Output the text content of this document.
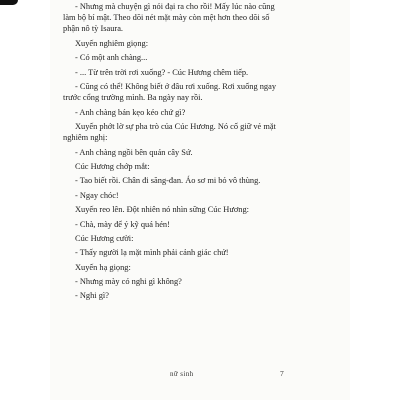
- Nhưng mà chuyện gì nói đại ra cho rồi! Mấy lúc nào cũng làm bộ bí mật. Theo dõi nét mặt mày còn mệt hơn theo dõi số phận nô tỳ Isaura.

Xuyến nghiêm giọng:

- Có một anh chàng...

- ... Từ trên trời rơi xuống? - Cúc Hương chêm tiếp.

- Cũng có thể! Không biết ở đâu rơi xuống. Rơi xuống ngay trước cổng trường mình. Ba ngày nay rồi.

- Anh chàng bán kẹo kéo chứ gì?

Xuyến phớt lờ sự pha trò của Cúc Hương. Nó cố giữ vẻ mặt nghiêm nghị:

- Anh chàng ngồi bên quán cây Sứ.

Cúc Hương chớp mắt:

- Tao biết rồi. Chân đi săng-đan. Áo sơ mi bỏ vô thùng.

- Ngay chóc!

Xuyến reo lên. Đột nhiên nó nhìn sững Cúc Hương:

- Chà, mày để ý kỹ quá hén!

Cúc Hương cười:

- Thấy người lạ mặt mình phải cảnh giác chứ!

Xuyến hạ giọng:

- Nhưng mày có nghi gì không?

- Nghi gì?

nữ sinh	7
